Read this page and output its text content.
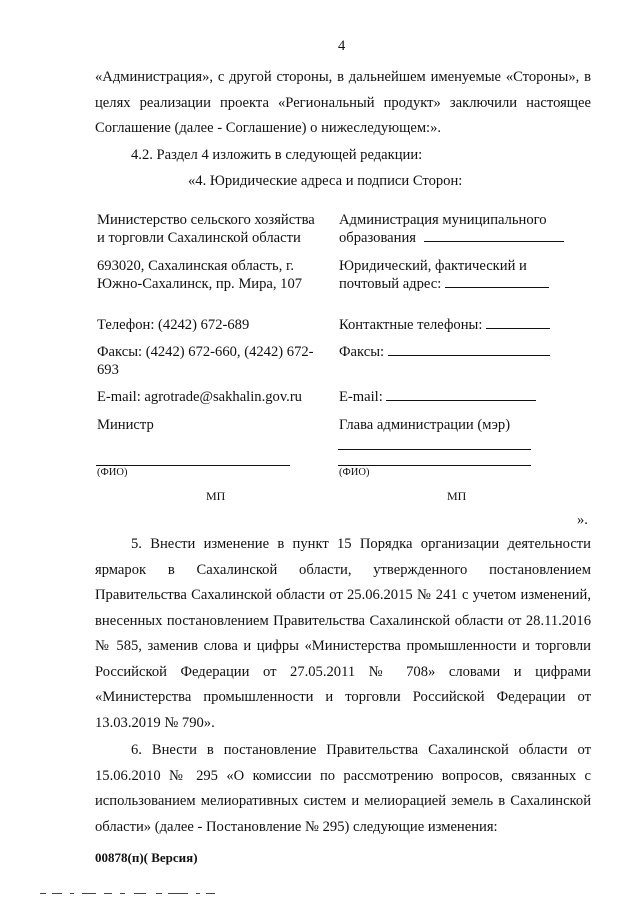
4
«Администрация», с другой стороны, в дальнейшем именуемые «Стороны», в
целях реализации проекта «Региональный продукт» заключили настоящее
Соглашение (далее - Соглашение) о нижеследующем:».
4.2. Раздел 4 изложить в следующей редакции:
«4. Юридические адреса и подписи Сторон:
Министерство сельского хозяйства
и торговли Сахалинской области
693020, Сахалинская область, г.
Южно-Сахалинск, пр. Мира, 107
Телефон: (4242) 672-689
Факсы: (4242) 672-660, (4242) 672-
693
E-mail: agrotrade@sakhalin.gov.ru
Министр
(ФИО)
МП
Администрация муниципального
образования
Юридический, фактический и
почтовый адрес:
Контактные телефоны:
Факсы:
E-mail:
Глава администрации (мэр)
(ФИО)
МП
».
5. Внести изменение в пункт 15 Порядка организации деятельности
ярмарок в Сахалинской области, утвержденного постановлением
Правительства Сахалинской области от 25.06.2015 № 241 с учетом изменений,
внесенных постановлением Правительства Сахалинской области от 28.11.2016
№ 585, заменив слова и цифры «Министерства промышленности и торговли
Российской Федерации от 27.05.2011 № 708» словами и цифрами
«Министерства промышленности и торговли Российской Федерации от
13.03.2019 № 790».
6. Внести в постановление Правительства Сахалинской области от
15.06.2010 № 295 «О комиссии по рассмотрению вопросов, связанных с
использованием мелиоративных систем и мелиорацией земель в Сахалинской
области» (далее - Постановление № 295) следующие изменения:
00878(п)( Версия)
